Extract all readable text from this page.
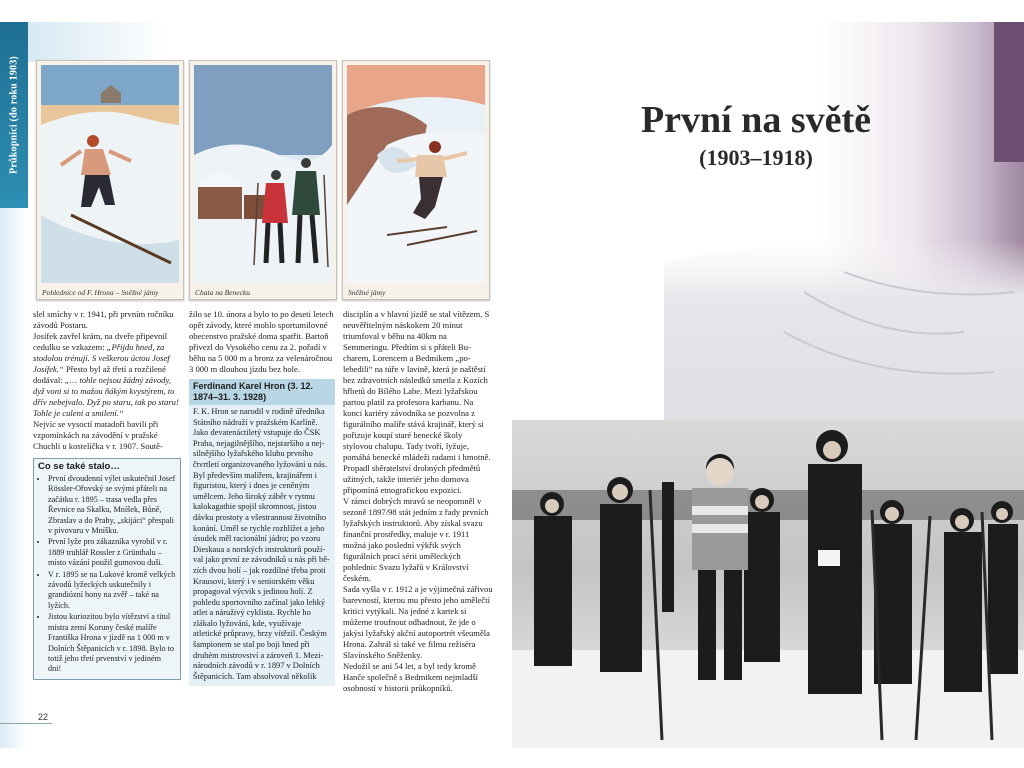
Průkopníci (do roku 1903)
Pohlednice od F. Hrona – Sněžné jámy	Chata na Benecku	Sněžné jámy

slel smíchy v r. 1941, při prvním ročníku závodů Postaru.

Josífek zavřel krám, na dveře připevnil cedulku se vzkazem: „Přijdu hned, za stodolou trénují. S veškerou úctou Josef Josífek.“ Přesto byl až třetí a rozčilené dodával: „… tohle nejsou žádný závody, dyž voni si to mažou ňákým kvystýrem, to dřív nebejvalo. Dyž po staru, tak po staru! Tohle je culeni a smilení.“

Nejvíc se vysoctí matadoři bavili při vzpomínkách na závodění v pražské Chuchli u kostelíčka v r. 1907. Soutě-

Co se také stalo…
• První dvoudenní výlet uskutečnil Josef Rössler-Ořovský se svými přáteli na začátku r. 1895 – trasa vedla přes Řevnice na Skalku, Mníšek, Bůně, Zbraslav a do Prahy, „skijáci“ přespali v pivovaru v Mníšku.
• První lyže pro zákazníka vyrobil v r. 1889 truhlář Rossler z Grünthalu – místo vázání použil gumovou duši.
• V r. 1895 se na Lukové kromě velkých závodů lyžeckých uskutečnily i grandiózní hony na zvěř – také na lyžích.
• Jistou kuriozitou bylo vítězství a titul mistra zemí Koruny české malíře Františka Hrona v jízdě na 1 000 m v Dolních Štěpanicích v r. 1898. Bylo to totiž jeho třetí prvenství v jediném dni!

žilo se 10. února a bylo to po deseti letech opět závody, které mohlo sportumilovné obecenstvo pražské doma spatřit. Bartoň přivezl do Vysokého cenu za 2. pořadí v běhu na 5 000 m a bronz za velenáročnou 3 000 m dlouhou jízdu bez hole.

Ferdinand Karel Hron (3. 12. 1874–31. 3. 1928)
F. K. Hron se narodil v rodině úředníka Státního nádraží v pražském Karlíně. Jako devatenáctiletý vstupuje do ČSK Praha, nejagilnějšího, nejstaršího a nejsilnějšího lyžařského klubu prvního čtvrtletí organizovaného lyžování u nás. Byl především malířem, krajinářem i figuristou, který i dnes je ceněným umělcem. Jeho široký záběr v rytmu kalokagathie spojil skromnost, jistou dávku prostoty a všestrannost životního konání. Uměl se rychle rozhlížet a jeho úsudek měl racionální jádro; po vzoru Dieskaua a norských instruktorů používal jako první ze závodníků u nás při bězích dvou holí – jak rozdílné třeba proti Krausovi, který i v seniorském věku propagoval výcvik s jedinou holí. Z pohledu sportovního začínal jako lehký atlet a náruživý cyklista. Rychle ho zlákalo lyžování, kde, využívaje atletické průpravy, brzy vítězil. Českým šampionem se stal po boji hned při druhém mistrovství a zároveň 1. Mezinárodních závodů v r. 1897 v Dolních Štěpanicích. Tam absolvoval několik

disciplín a v hlavní jízdě se stal vítězem. S neuvěřitelným náskokem 20 minut triumfoval v běhu na 40km na Semmeringu. Předtím si s přáteli Bucharem, Lorencem a Bedmikem „polebedili“ na túře v lavině, která je naštěstí bez zdravotních následků smetla z Kozích hřbetů do Bílého Labe. Mezi lyžařskou partou platil za profesora karbanu. Na konci kariéry závodníka se pozvolna z figurálního malíře stává krajinář, který si pořizuje koupí staré benecké školy stylovou chalupu. Tady tvoří, lyžuje, pomáhá benecké mládeži radami i hmotně. Propadl sběratelství drobných předmětů užitných, takže interiér jeho domova připomíná etnografickou expozici.

V rámci dobrých mravů se neopomněl v sezoně 1897/98 stát jedním z řady prvních lyžařských instruktorů. Aby získal svazu finanční prostředky, maluje v r. 1911 možná jako poslední výkřik svých figurálních prací sérii uměleckých pohlednic Svazu lyžařů v Království českém.

Sada vyšla v r. 1912 a je výjimečná zářivou barevností, kterou mu přesto jeho umělečtí kritici vytýkali. Na jedné z kartek si můžeme troufnout odhadnout, že jde o jakýsi lyžařský akční autoportrét všeuměla Hrona. Zahrál si také ve filmu režiséra Slavínského Sněženky.

Nedožil se ani 54 let, a byl tedy kromě Hanče společně s Bedmikem nejmladší osobností v historii průkopníků.

22
První na světě
(1903–1918)
